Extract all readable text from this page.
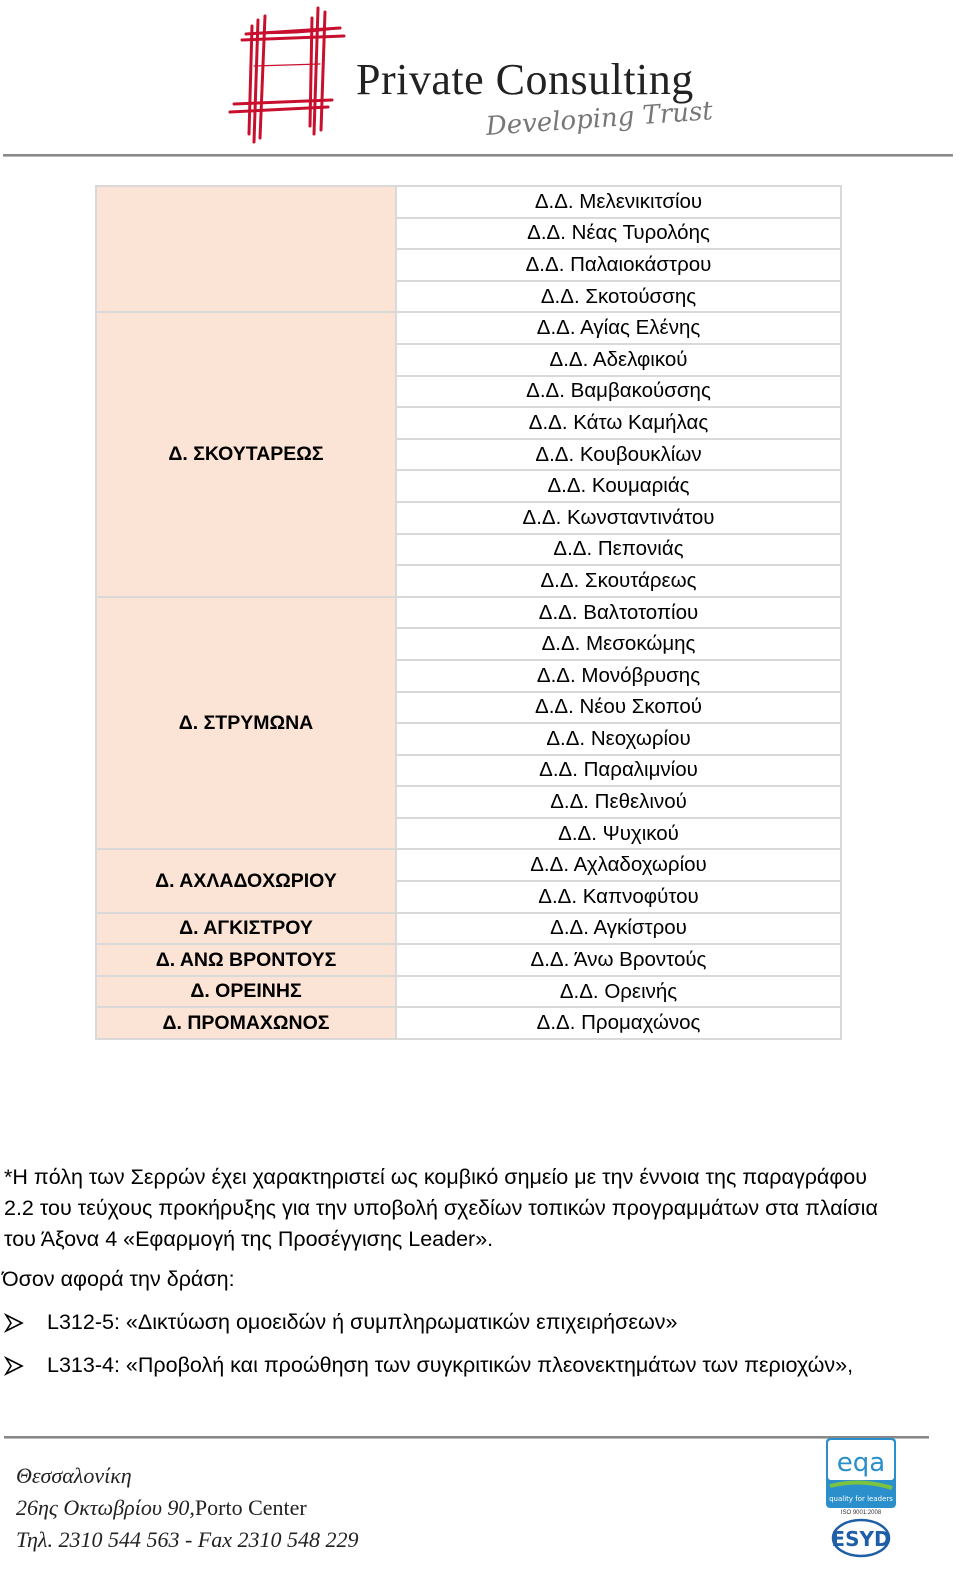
Private Consulting
Developing Trust
	Δ.Δ. Μελενικιτσίου
	Δ.Δ. Νέας Τυρολόης
	Δ.Δ. Παλαιοκάστρου
	Δ.Δ. Σκοτούσσης
Δ. ΣΚΟΥΤΑΡΕΩΣ	Δ.Δ. Αγίας Ελένης
	Δ.Δ. Αδελφικού
	Δ.Δ. Βαμβακούσσης
	Δ.Δ. Κάτω Καμήλας
	Δ.Δ. Κουβουκλίων
	Δ.Δ. Κουμαριάς
	Δ.Δ. Κωνσταντινάτου
	Δ.Δ. Πεπονιάς
	Δ.Δ. Σκουτάρεως
Δ. ΣΤΡΥΜΩΝΑ	Δ.Δ. Βαλτοτοπίου
	Δ.Δ. Μεσοκώμης
	Δ.Δ. Μονόβρυσης
	Δ.Δ. Νέου Σκοπού
	Δ.Δ. Νεοχωρίου
	Δ.Δ. Παραλιμνίου
	Δ.Δ. Πεθελινού
	Δ.Δ. Ψυχικού
Δ. ΑΧΛΑΔΟΧΩΡΙΟΥ	Δ.Δ. Αχλαδοχωρίου
	Δ.Δ. Καπνοφύτου
Δ. ΑΓΚΙΣΤΡΟΥ	Δ.Δ. Αγκίστρου
Δ. ΑΝΩ ΒΡΟΝΤΟΥΣ	Δ.Δ. Άνω Βροντούς
Δ. ΟΡΕΙΝΗΣ	Δ.Δ. Ορεινής
Δ. ΠΡΟΜΑΧΩΝΟΣ	Δ.Δ. Προμαχώνος
*Η πόλη των Σερρών έχει χαρακτηριστεί ως κομβικό σημείο με την έννοια της παραγράφου
2.2 του τεύχους προκήρυξης για την υποβολή σχεδίων τοπικών προγραμμάτων στα πλαίσια
του Άξονα 4 «Εφαρμογή της Προσέγγισης Leader».
Όσον αφορά την δράση:
L312-5: «Δικτύωση ομοειδών ή συμπληρωματικών επιχειρήσεων»
L313-4: «Προβολή και προώθηση των συγκριτικών πλεονεκτημάτων των περιοχών»,
Θεσσαλονίκη
26ης Οκτωβρίου 90,Porto Center
Τηλ. 2310 544 563 - Fax 2310 548 229
eqa
quality for leaders
ISO 9001:2008
ESYD
